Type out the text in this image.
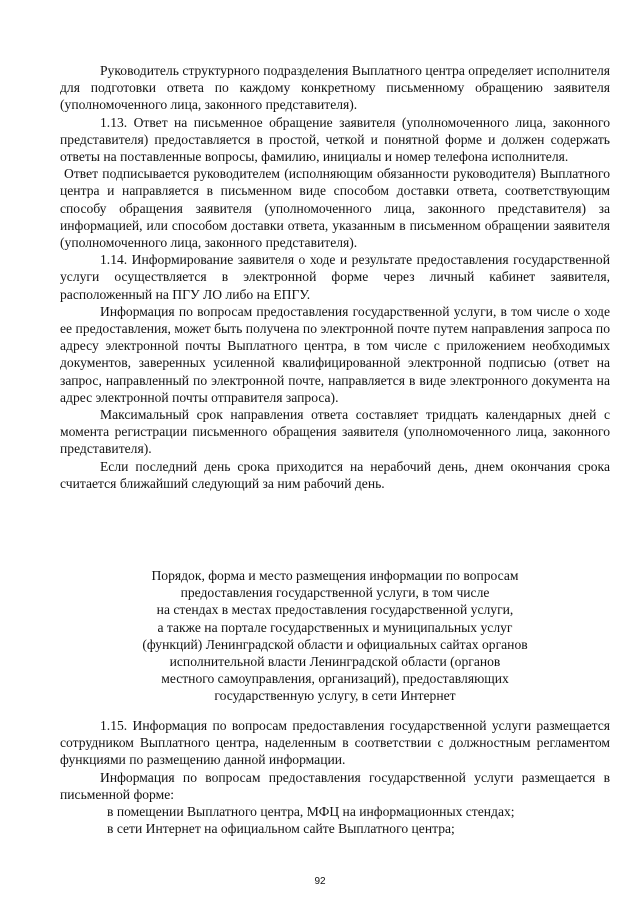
Руководитель структурного подразделения Выплатного центра определяет исполнителя для подготовки ответа по каждому конкретному письменному обращению заявителя (уполномоченного лица, законного представителя).

1.13. Ответ на письменное обращение заявителя (уполномоченного лица, законного представителя) предоставляется в простой, четкой и понятной форме и должен содержать ответы на поставленные вопросы, фамилию, инициалы и номер телефона исполнителя.

Ответ подписывается руководителем (исполняющим обязанности руководителя) Выплатного центра и направляется в письменном виде способом доставки ответа, соответствующим способу обращения заявителя (уполномоченного лица, законного представителя) за информацией, или способом доставки ответа, указанным в письменном обращении заявителя (уполномоченного лица, законного представителя).

1.14. Информирование заявителя о ходе и результате предоставления государственной услуги осуществляется в электронной форме через личный кабинет заявителя, расположенный на ПГУ ЛО либо на ЕПГУ.

Информация по вопросам предоставления государственной услуги, в том числе о ходе ее предоставления, может быть получена по электронной почте путем направления запроса по адресу электронной почты Выплатного центра, в том числе с приложением необходимых документов, заверенных усиленной квалифицированной электронной подписью (ответ на запрос, направленный по электронной почте, направляется в виде электронного документа на адрес электронной почты отправителя запроса).

Максимальный срок направления ответа составляет тридцать календарных дней с момента регистрации письменного обращения заявителя (уполномоченного лица, законного представителя).

Если последний день срока приходится на нерабочий день, днем окончания срока считается ближайший следующий за ним рабочий день.

Порядок, форма и место размещения информации по вопросам
предоставления государственной услуги, в том числе
на стендах в местах предоставления государственной услуги,
а также на портале государственных и муниципальных услуг
(функций) Ленинградской области и официальных сайтах органов
исполнительной власти Ленинградской области (органов
местного самоуправления, организаций), предоставляющих
государственную услугу, в сети Интернет

1.15. Информация по вопросам предоставления государственной услуги размещается сотрудником Выплатного центра, наделенным в соответствии с должностным регламентом функциями по размещению данной информации.

Информация по вопросам предоставления государственной услуги размещается в письменной форме:

в помещении Выплатного центра, МФЦ на информационных стендах;

в сети Интернет на официальном сайте Выплатного центра;

92
